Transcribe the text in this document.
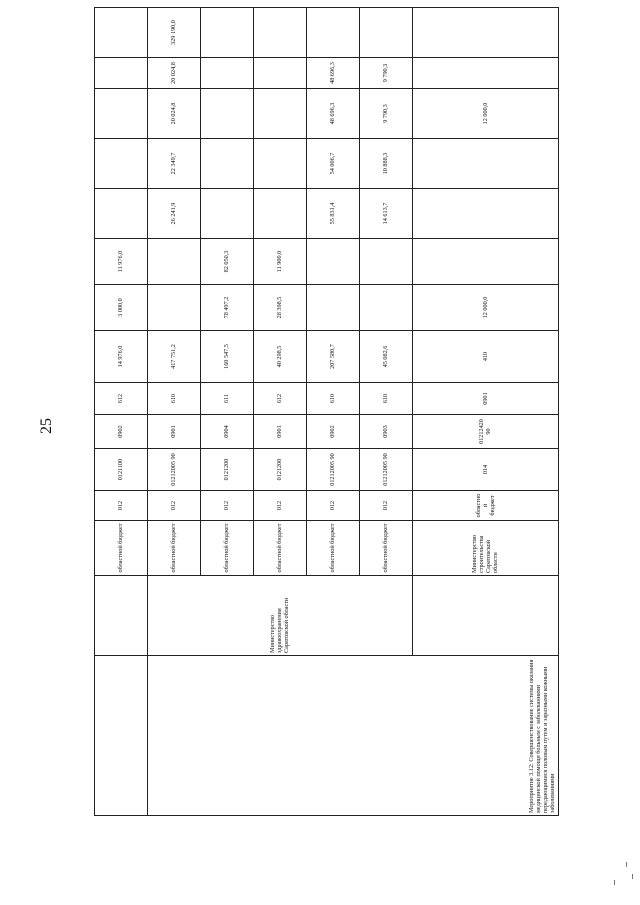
25
		областной бюджет	012	0121100	0902	612	14 976,0	3 000,0	11 976,0						
Мероприятие 3.12: Совершенствование системы оказания медицинской помощи больным с заболеваниями передающимися половым путем и заразными кожными заболеваниями	Министерство здравоохранения Саратовской области	областной бюджет	012	01212005 90	0901	610	417 751,2			26 241,9	22 349,7	20 024,8	20 024,8	329 190,0	
		областной бюджет	012	0121200	0904	611	160 547,5	78 497,2	82 050,3						
		областной бюджет	012	0121200	0901	612	40 298,5	28 398,5	11 900,0						
		областной бюджет	012	01212005 90	0902	610	207 580,7			55 831,4	54 006,7	48 696,3	48 696,3		
		областной бюджет	012	01212005 90	0903	610	45 082,6			14 613,7	10 888,3	9 790,3	9 790,3		
		Министерство строительства Саратовской области	областной бюджет	014	01212420 90	0901	410	12 000,0				12 000,0			
